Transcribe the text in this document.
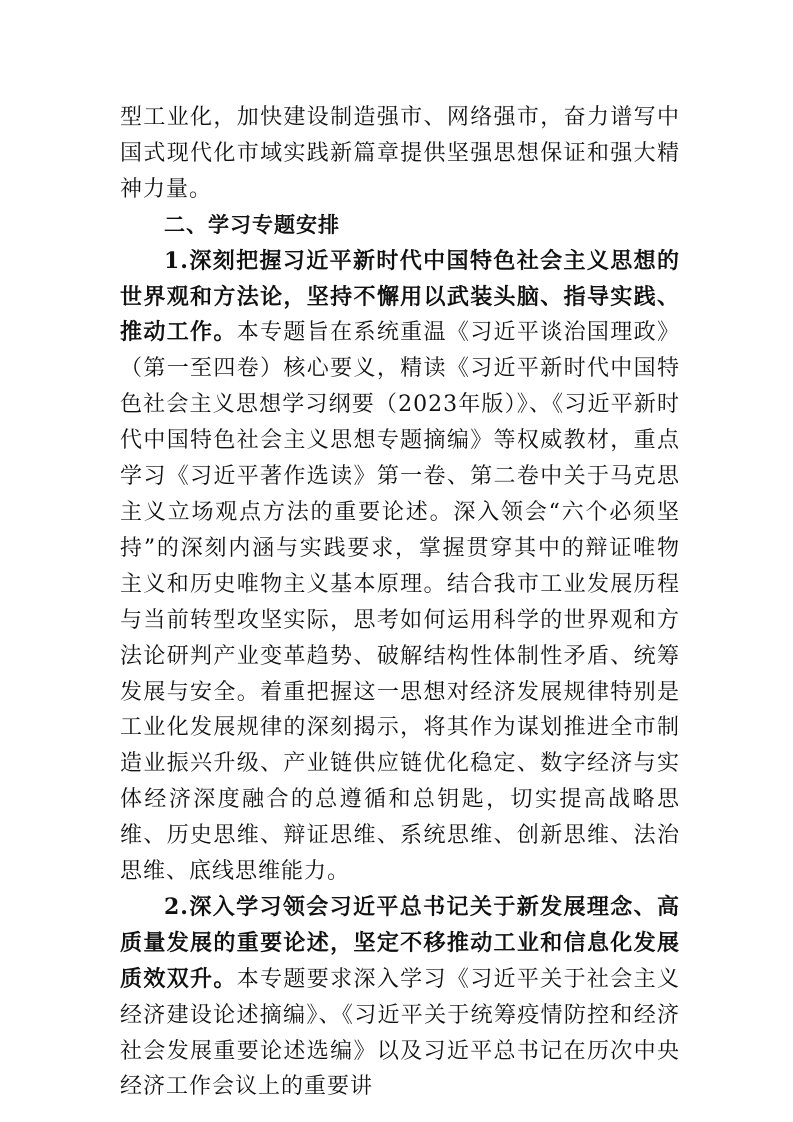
型工业化，加快建设制造强市、网络强市，奋力谱写中国式现代化市域实践新篇章提供坚强思想保证和强大精神力量。

二、学习专题安排

1.深刻把握习近平新时代中国特色社会主义思想的世界观和方法论，坚持不懈用以武装头脑、指导实践、推动工作。本专题旨在系统重温《习近平谈治国理政》（第一至四卷）核心要义，精读《习近平新时代中国特色社会主义思想学习纲要（2023年版）》、《习近平新时代中国特色社会主义思想专题摘编》等权威教材，重点学习《习近平著作选读》第一卷、第二卷中关于马克思主义立场观点方法的重要论述。深入领会“六个必须坚持”的深刻内涵与实践要求，掌握贯穿其中的辩证唯物主义和历史唯物主义基本原理。结合我市工业发展历程与当前转型攻坚实际，思考如何运用科学的世界观和方法论研判产业变革趋势、破解结构性体制性矛盾、统筹发展与安全。着重把握这一思想对经济发展规律特别是工业化发展规律的深刻揭示，将其作为谋划推进全市制造业振兴升级、产业链供应链优化稳定、数字经济与实体经济深度融合的总遵循和总钥匙，切实提高战略思维、历史思维、辩证思维、系统思维、创新思维、法治思维、底线思维能力。

2.深入学习领会习近平总书记关于新发展理念、高质量发展的重要论述，坚定不移推动工业和信息化发展质效双升。本专题要求深入学习《习近平关于社会主义经济建设论述摘编》、《习近平关于统筹疫情防控和经济社会发展重要论述选编》以及习近平总书记在历次中央经济工作会议上的重要讲
